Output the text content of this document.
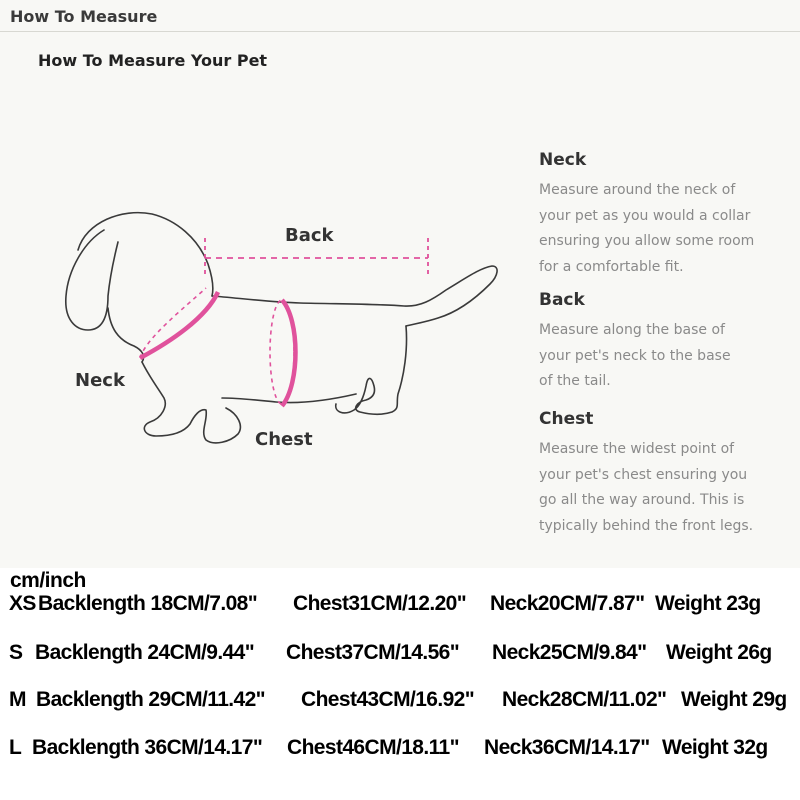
How To Measure
How To Measure Your Pet
Back
Neck
Chest
Neck

Measure around the neck of
your pet as you would a collar
ensuring you allow some room
for a comfortable fit.

Back

Measure along the base of
your pet's neck to the base
of the tail.

Chest

Measure the widest point of
your pet's chest ensuring you
go all the way around. This is
typically behind the front legs.

cm/inch
XS Backlength 18CM/7.08" Chest31CM/12.20" Neck20CM/7.87" Weight 23g
S Backlength 24CM/9.44" Chest37CM/14.56" Neck25CM/9.84" Weight 26g
M Backlength 29CM/11.42" Chest43CM/16.92" Neck28CM/11.02" Weight 29g
L Backlength 36CM/14.17" Chest46CM/18.11" Neck36CM/14.17" Weight 32g
